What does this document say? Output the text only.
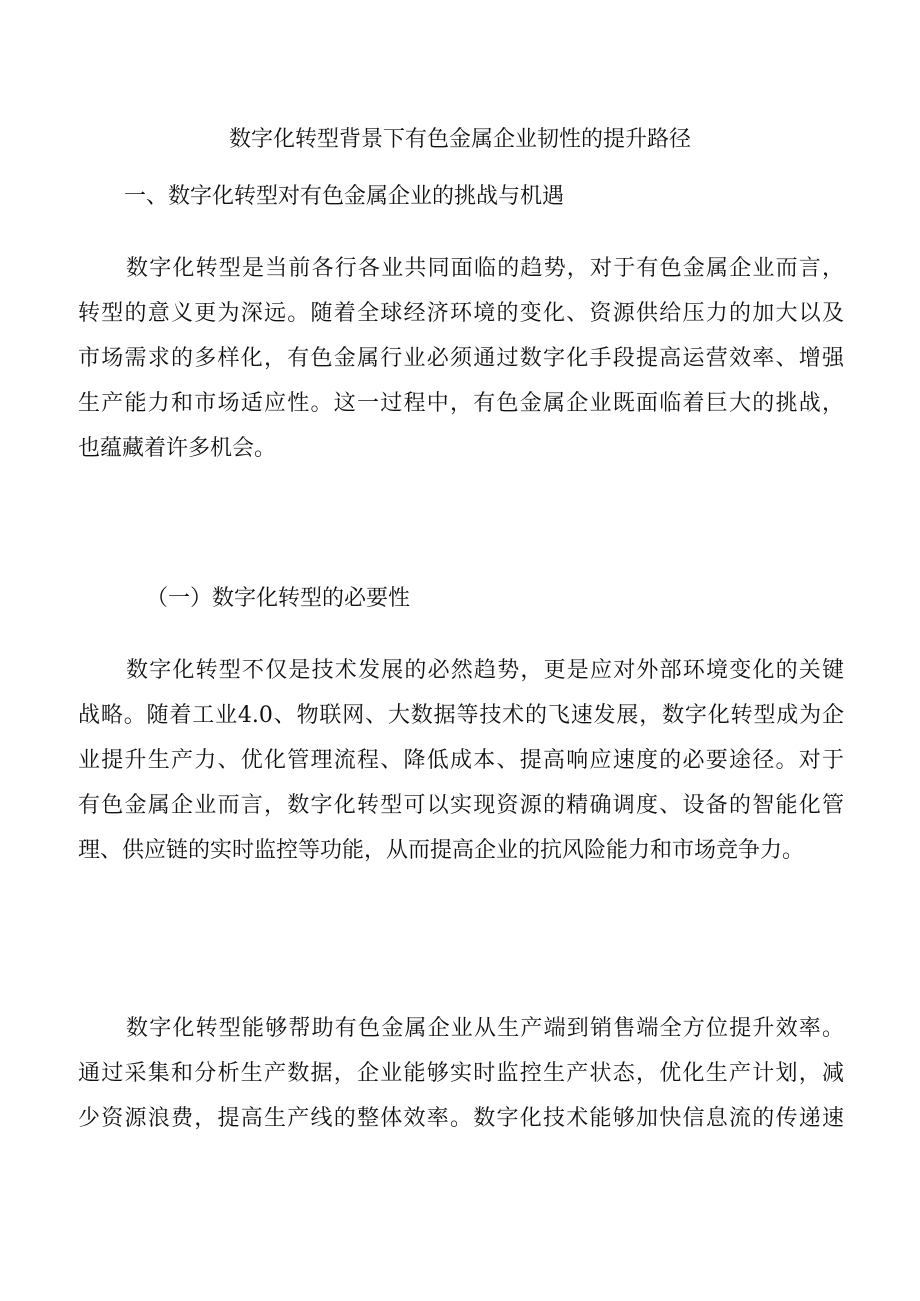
数字化转型背景下有色金属企业韧性的提升路径
一、数字化转型对有色金属企业的挑战与机遇
数字化转型是当前各行各业共同面临的趋势，对于有色金属企业而言，
转型的意义更为深远。随着全球经济环境的变化、资源供给压力的加大以及
市场需求的多样化，有色金属行业必须通过数字化手段提高运营效率、增强
生产能力和市场适应性。这一过程中，有色金属企业既面临着巨大的挑战，
也蕴藏着许多机会。
（一）数字化转型的必要性
数字化转型不仅是技术发展的必然趋势，更是应对外部环境变化的关键
战略。随着工业4.0、物联网、大数据等技术的飞速发展，数字化转型成为企
业提升生产力、优化管理流程、降低成本、提高响应速度的必要途径。对于
有色金属企业而言，数字化转型可以实现资源的精确调度、设备的智能化管
理、供应链的实时监控等功能，从而提高企业的抗风险能力和市场竞争力。
数字化转型能够帮助有色金属企业从生产端到销售端全方位提升效率。
通过采集和分析生产数据，企业能够实时监控生产状态，优化生产计划，减
少资源浪费，提高生产线的整体效率。数字化技术能够加快信息流的传递速
